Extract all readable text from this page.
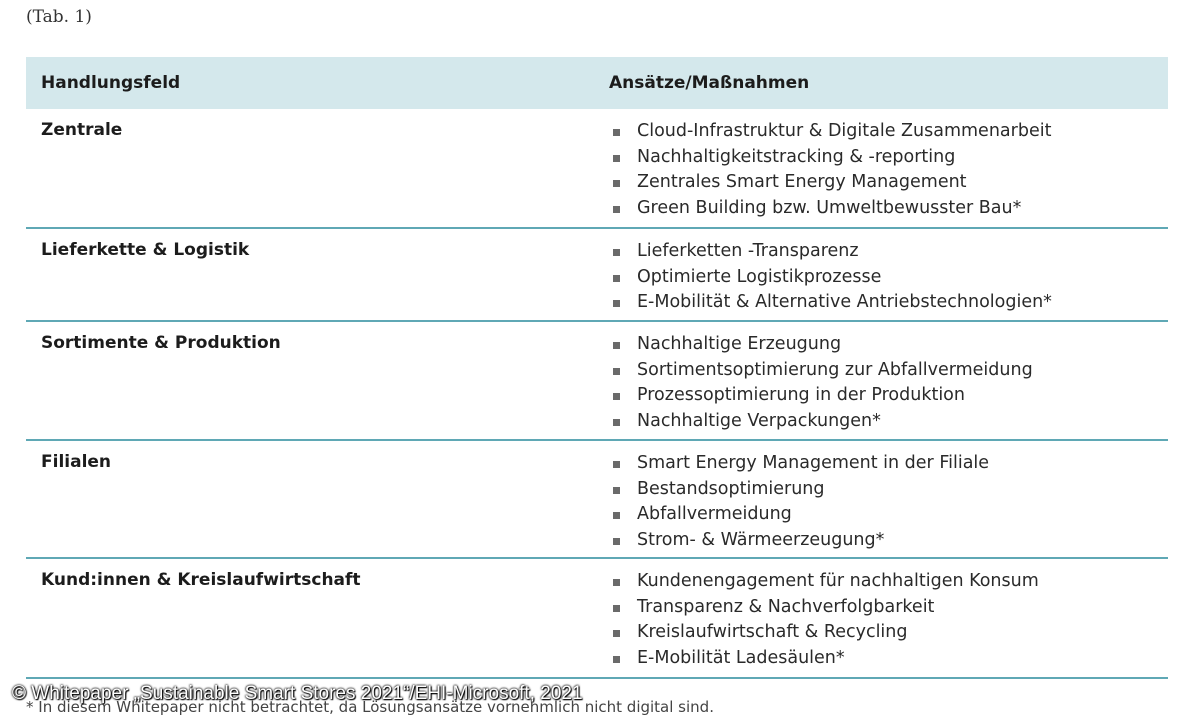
(Tab. 1)
Handlungsfeld	Ansätze/Maßnahmen
Zentrale	Cloud-Infrastruktur & Digitale Zusammenarbeit
Nachhaltigkeitstracking & -reporting
Zentrales Smart Energy Management
Green Building bzw. Umweltbewusster Bau*
Lieferkette & Logistik	Lieferketten -Transparenz
Optimierte Logistikprozesse
E-Mobilität & Alternative Antriebstechnologien*
Sortimente & Produktion	Nachhaltige Erzeugung
Sortimentsoptimierung zur Abfallvermeidung
Prozessoptimierung in der Produktion
Nachhaltige Verpackungen*
Filialen	Smart Energy Management in der Filiale
Bestandsoptimierung
Abfallvermeidung
Strom- & Wärmeerzeugung*
Kund:innen & Kreislaufwirtschaft	Kundenengagement für nachhaltigen Konsum
Transparenz & Nachverfolgbarkeit
Kreislaufwirtschaft & Recycling
E-Mobilität Ladesäulen*
* In diesem Whitepaper nicht betrachtet, da Lösungsansätze vornehmlich nicht digital sind.
© Whitepaper „Sustainable Smart Stores 2021“/EHI-Microsoft, 2021
